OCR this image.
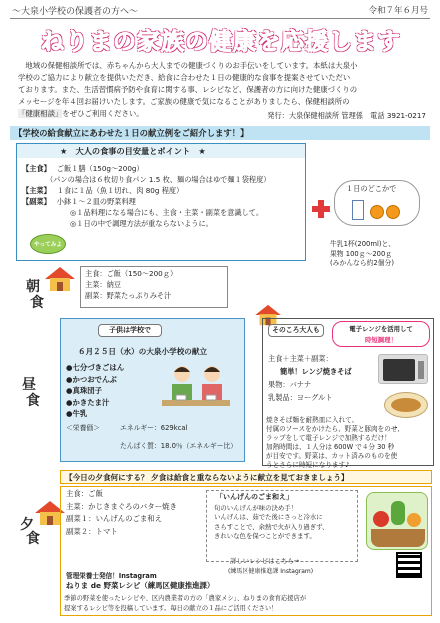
～大泉小学校の保護者の方へ～	令和７年６月号
ねりまの家族の健康を応援します
　地域の保健相談所では、赤ちゃんから大人までの健康づくりのお手伝いをしています。本紙は大泉小
学校のご協力により献立を提供いただき、給食に合わせた１日の健康的な食事を提案させていただい
ております。また、生活習慣病予防や食育に関する事、レシピなど、保護者の方に向けた健康づくりの
メッセージを年４回お届けいたします。ご家族の健康で気になることがありましたら、保健相談所の
「健康相談」をぜひご利用ください。	発行：大泉保健相談所 管理係　電話 3921-0217
【学校の給食献立にあわせた１日の献立例をご紹介します！】
★　大人の食事の目安量とポイント　★
【主食】 ご飯１膳（150g～200g）
（パンの場合は６枚切り食パン 1.5 枚、麺の場合はゆで麺１袋程度）
【主菜】 １食に１品（魚１切れ、肉 80g 程度）
【副菜】 小鉢１～２皿の野菜料理
◎１品料理になる場合にも、主食・主菜・副菜を意識して。
◎１日の中で調理方法が重ならないように。
やってみよう！
１日のどこかで
牛乳1杯(200ml)と、
果物 100ｇ～200ｇ
(みかんなら約2個分)
朝
食
主食：ご飯（150～200ｇ）
主菜：納豆
副菜：野菜たっぷりみそ汁
昼
食
子供は学校で
６月２５日（水）の大泉小学校の献立
●七分づきごはん
●かつおでんぶ
●真珠団子
●かきたま汁
●牛乳
＜栄養価＞	エネルギー：629kcal
たんぱく質：18.0％（エネルギー比）
そのころ大人も	電子レンジを活用して
時短調理！
主食＋主菜＋副菜：
簡単！レンジ焼きそば
果物：バナナ
乳製品：ヨーグルト
焼きそば麺を耐熱皿に入れて、
付属のソースをかけたら、野菜と豚肉をのせ、
ラップをして電子レンジで加熱するだけ！
加熱時間は、１人分は 600W で４分 30 秒
が目安です。野菜は、カット済みのものを使
うとさらに時短になります♪
【今日の夕食何にする？ 夕食は給食と重ならないように献立を見ておきましょう】
夕
食
主食：ご飯
主菜：かじきまぐろのバター焼き
副菜１：いんげんのごま和え
副菜２：トマト
「いんげんのごま和え」
旬のいんげんが味の決め手！
いんげんは、茹でた後にさっと冷水に
さらすことで、余熱で火が入り過ぎず、
きれいな色を保つことができます。
詳しいレシピはこちら→
(練馬区健康推進課 Instagram)
管理栄養士発信！Instagram
ねりま de 野菜レシピ（練馬区健康推進課）
季節の野菜を使ったレシピや、区内農業者の方の「農家メシ」、ねりまの食育応援店が
提案するレシピ等を投稿しています。毎日の献立の１品にご活用ください！
